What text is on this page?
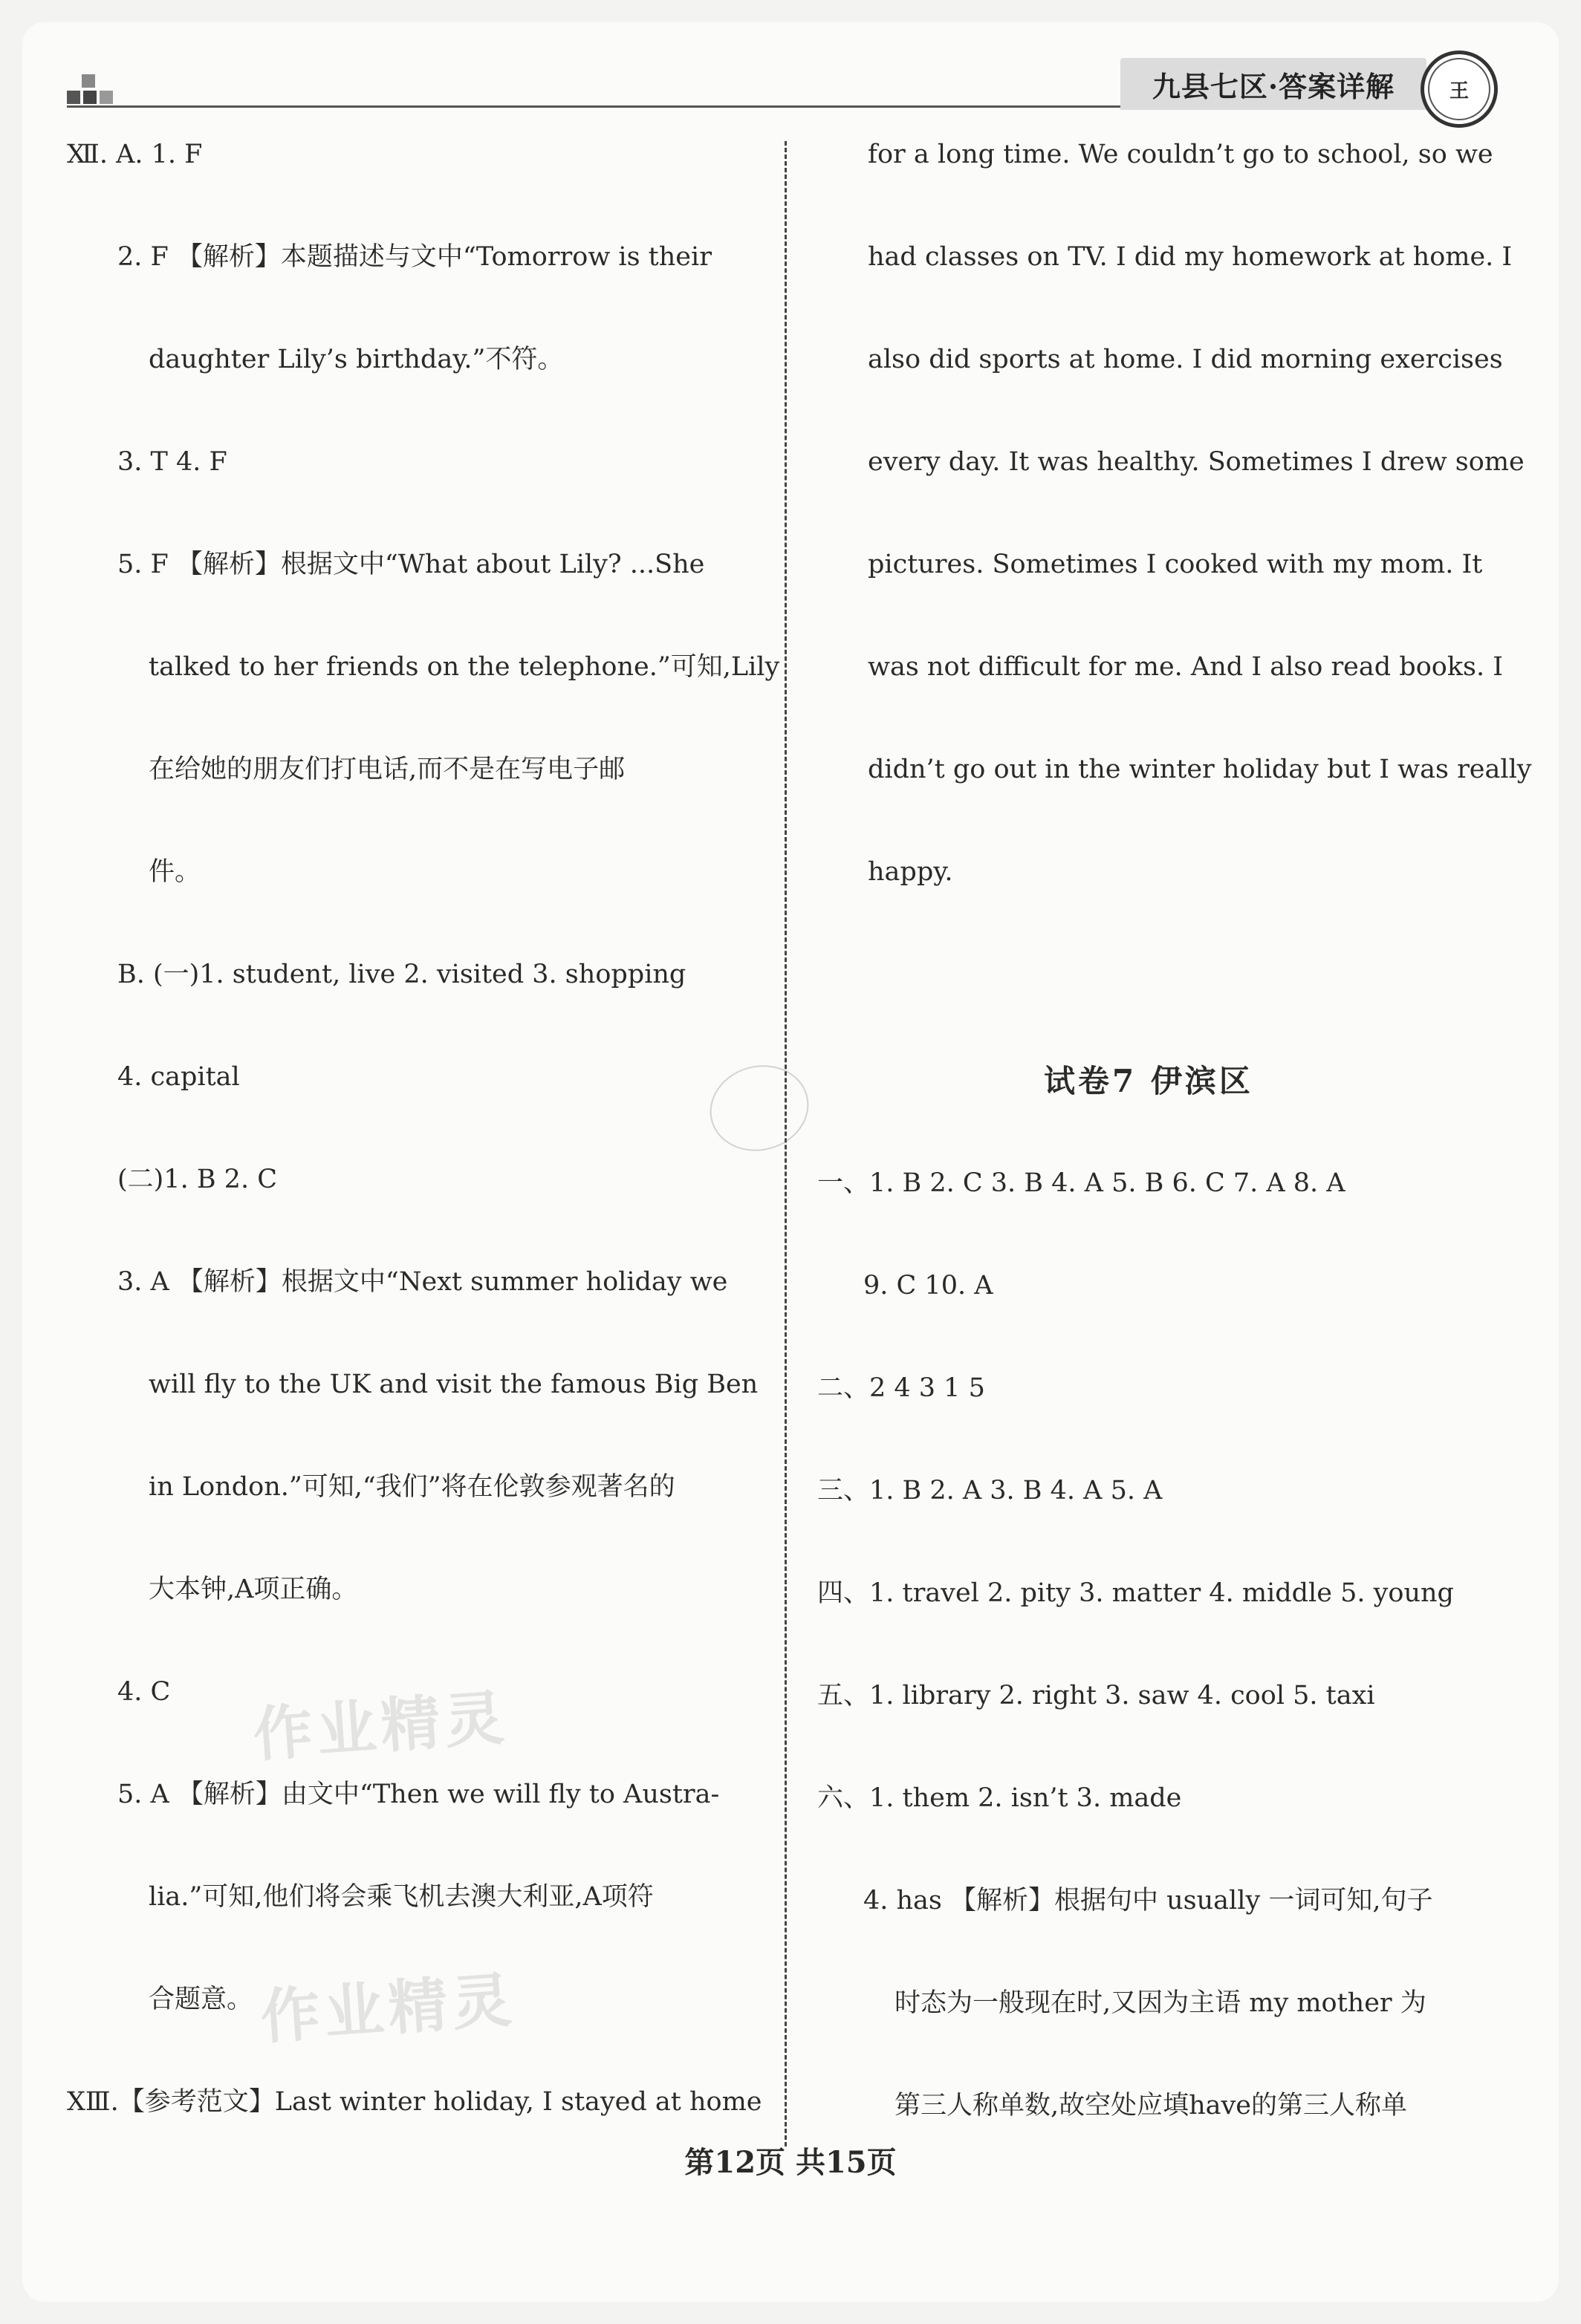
九县七区·答案详解	王
Ⅻ. A. 1. F
2. F 【解析】本题描述与文中“Tomorrow is their
daughter Lily’s birthday.”不符。
3. T 4. F
5. F 【解析】根据文中“What about Lily? ...She
talked to her friends on the telephone.”可知,Lily
在给她的朋友们打电话,而不是在写电子邮
件。
B. (一)1. student, live 2. visited 3. shopping
4. capital
(二)1. B 2. C
3. A 【解析】根据文中“Next summer holiday we
will fly to the UK and visit the famous Big Ben
in London.”可知,“我们”将在伦敦参观著名的
大本钟,A项正确。
4. C
5. A 【解析】由文中“Then we will fly to Austra-
lia.”可知,他们将会乘飞机去澳大利亚,A项符
合题意。
ⅩⅢ.【参考范文】Last winter holiday, I stayed at home
for a long time. We couldn’t go to school, so we
had classes on TV. I did my homework at home. I
also did sports at home. I did morning exercises
every day. It was healthy. Sometimes I drew some
pictures. Sometimes I cooked with my mom. It
was not difficult for me. And I also read books. I
didn’t go out in the winter holiday but I was really
happy.
试卷7 伊滨区
一、1. B 2. C 3. B 4. A 5. B 6. C 7. A 8. A
9. C 10. A
二、2 4 3 1 5
三、1. B 2. A 3. B 4. A 5. A
四、1. travel 2. pity 3. matter 4. middle 5. young
五、1. library 2. right 3. saw 4. cool 5. taxi
六、1. them 2. isn’t 3. made
4. has 【解析】根据句中 usually 一词可知,句子
时态为一般现在时,又因为主语 my mother 为
第三人称单数,故空处应填have的第三人称单
作业精灵
作业精灵
第12页 共15页
